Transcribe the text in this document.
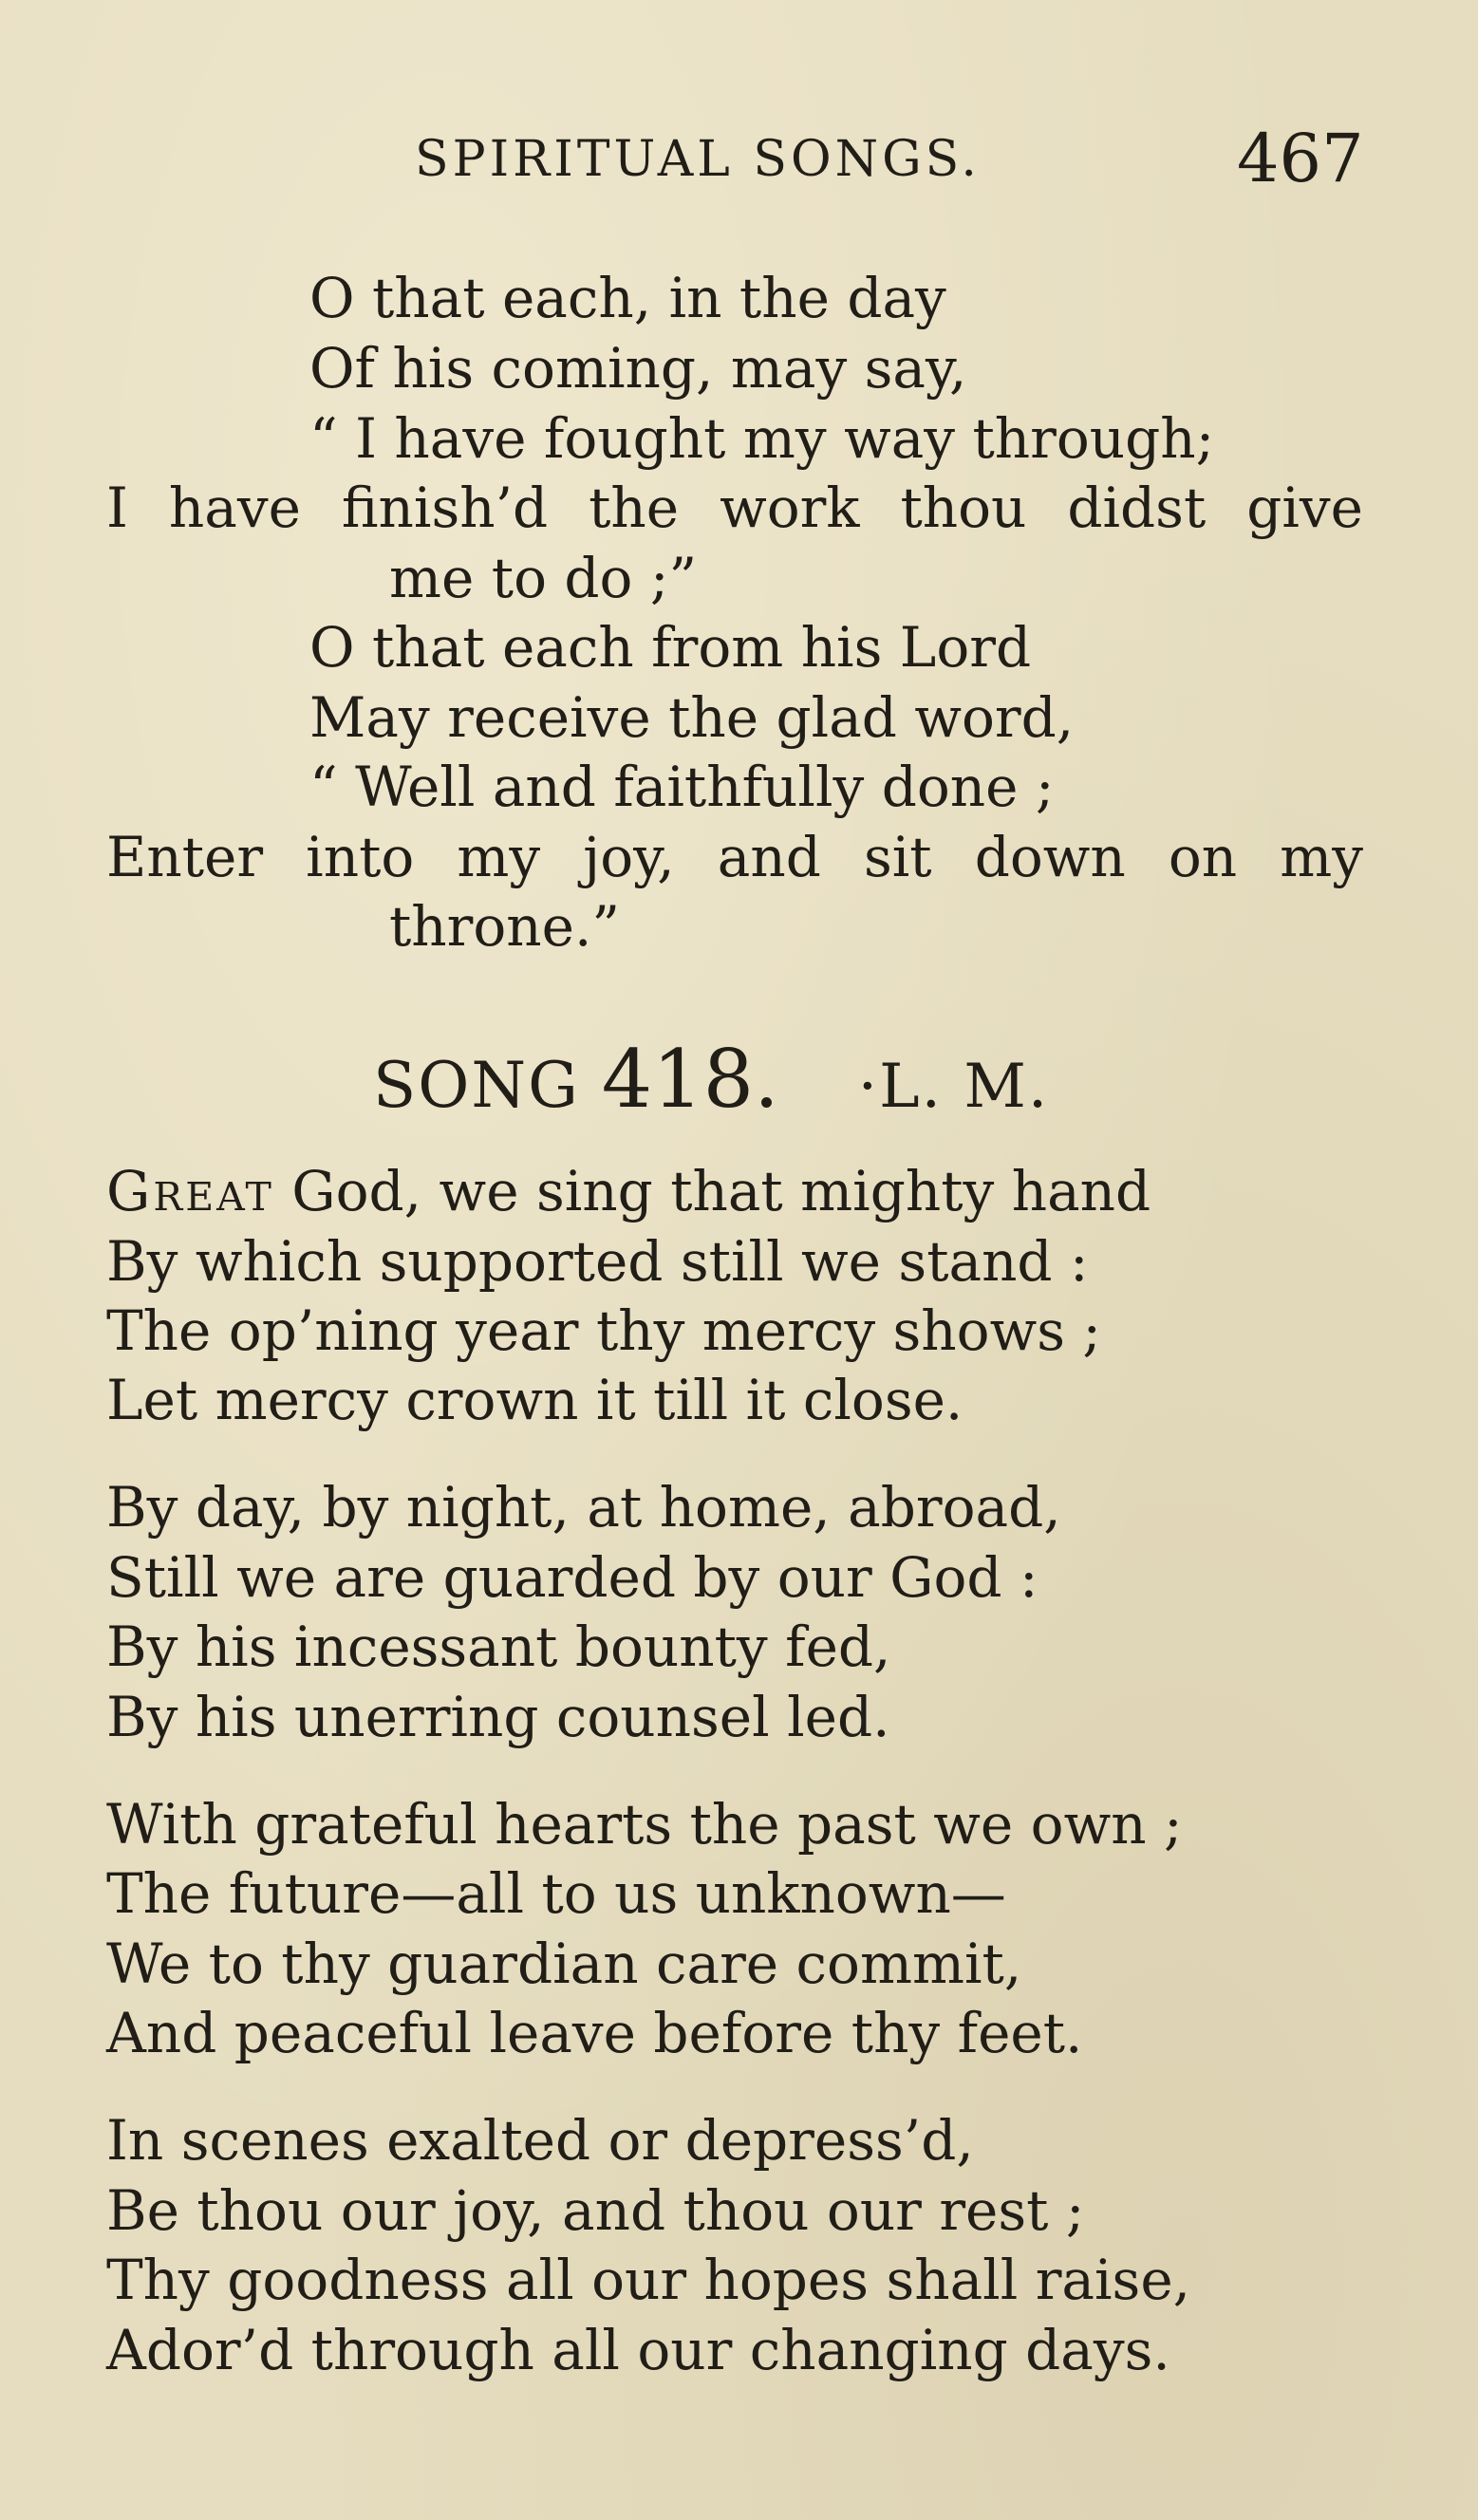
SPIRITUAL SONGS.	467
O that each, in the day
Of his coming, may say,
“ I have fought my way through;
I have finish’d the work thou didst give
me to do ;”
O that each from his Lord
May receive the glad word,
“ Well and faithfully done ;
Enter into my joy, and sit down on my
throne.”
SONG 418. ·L. M.
Great God, we sing that mighty hand
By which supported still we stand :
The op’ning year thy mercy shows ;
Let mercy crown it till it close.
By day, by night, at home, abroad,
Still we are guarded by our God :
By his incessant bounty fed,
By his unerring counsel led.
With grateful hearts the past we own ;
The future—all to us unknown—
We to thy guardian care commit,
And peaceful leave before thy feet.
In scenes exalted or depress’d,
Be thou our joy, and thou our rest ;
Thy goodness all our hopes shall raise,
Ador’d through all our changing days.
